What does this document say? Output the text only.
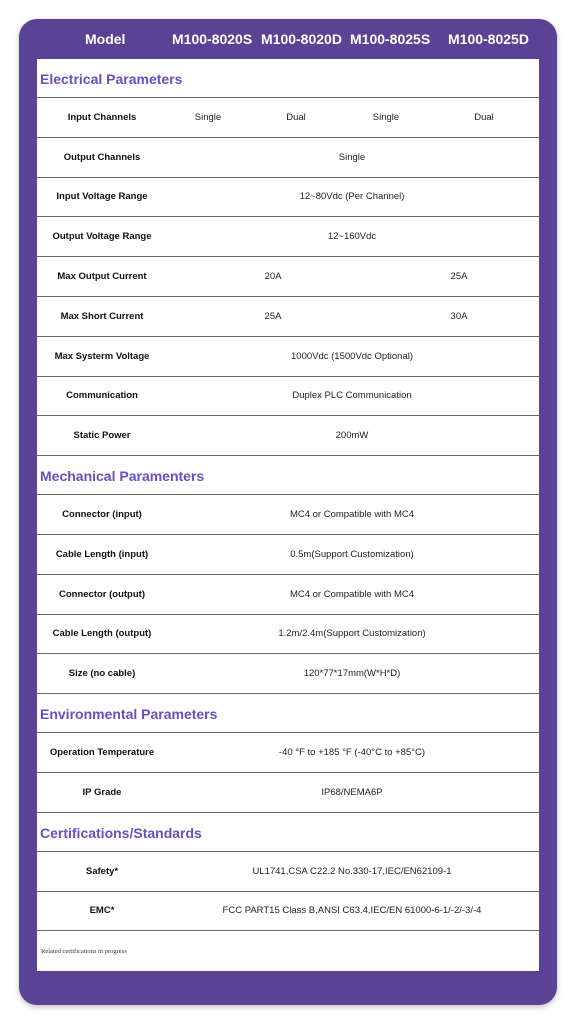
Model	M100-8020S M100-8020D M100-8025S M100-8025D
Electrical Parameters
Input Channels	Single	Dual	Single	Dual
Output Channels	Single
Input Voltage Range	12~80Vdc (Per Channel)
Output Voltage Range	12~160Vdc
Max Output Current	20A	25A
Max Short Current	25A	30A
Max Systerm Voltage	1000Vdc (1500Vdc Optional)
Communication	Duplex PLC Communication
Static Power	200mW
Mechanical Paramenters
Connector (input)	MC4 or Compatible with MC4
Cable Length (input)	0.5m(Support Customization)
Connector (output)	MC4 or Compatible with MC4
Cable Length (output)	1.2m/2.4m(Support Customization)
Size (no cable)	120*77*17mm(W*H*D)
Environmental Parameters
Operation Temperature	-40 °F to +185 °F (-40°C to +85°C)
IP Grade	IP68/NEMA6P
Certifications/Standards
Safety*	UL1741,CSA C22.2 No.330-17,IEC/EN62109-1
EMC*	FCC PART15 Class B,ANSI C63.4,IEC/EN 61000-6-1/-2/-3/-4
Related certifications in progress
